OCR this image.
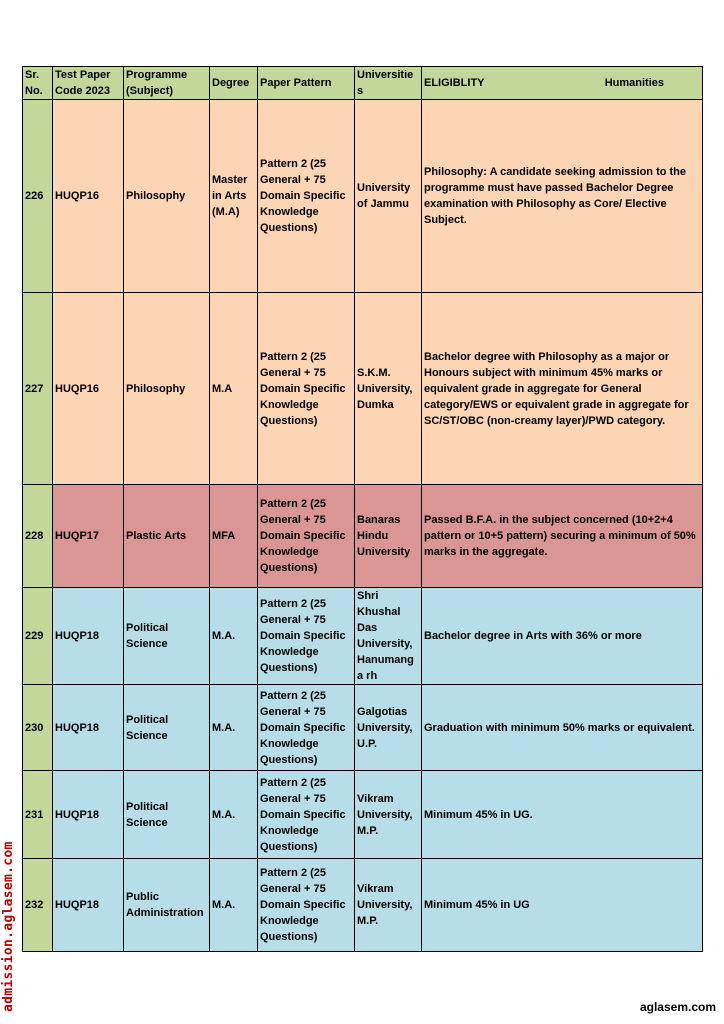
Sr. No.	Test Paper Code 2023	Programme (Subject)	Degree	Paper Pattern	Universities	ELIGIBLITY Humanities

226	HUQP16	Philosophy	Master in Arts (M.A)	Pattern 2 (25 General + 75 Domain Specific Knowledge Questions)	University of Jammu	Philosophy: A candidate seeking admission to the programme must have passed Bachelor Degree examination with Philosophy as Core/ Elective Subject.
227	HUQP16	Philosophy	M.A	Pattern 2 (25 General + 75 Domain Specific Knowledge Questions)	S.K.M. University, Dumka	Bachelor degree with Philosophy as a major or Honours subject with minimum 45% marks or equivalent grade in aggregate for General category/EWS or equivalent grade in aggregate for SC/ST/OBC (non-creamy layer)/PWD category.
228	HUQP17	Plastic Arts	MFA	Pattern 2 (25 General + 75 Domain Specific Knowledge Questions)	Banaras Hindu University	Passed B.F.A. in the subject concerned (10+2+4 pattern or 10+5 pattern) securing a minimum of 50% marks in the aggregate.
229	HUQP18	Political Science	M.A.	Pattern 2 (25 General + 75 Domain Specific Knowledge Questions)	Shri Khushal Das University, Hanumanga rh	Bachelor degree in Arts with 36% or more
230	HUQP18	Political Science	M.A.	Pattern 2 (25 General + 75 Domain Specific Knowledge Questions)	Galgotias University, U.P.	Graduation with minimum 50% marks or equivalent.
231	HUQP18	Political Science	M.A.	Pattern 2 (25 General + 75 Domain Specific Knowledge Questions)	Vikram University, M.P.	Minimum 45% in UG.
232	HUQP18	Public Administration	M.A.	Pattern 2 (25 General + 75 Domain Specific Knowledge Questions)	Vikram University, M.P.	Minimum 45% in UG
admission.aglasem.com	aglasem.com
